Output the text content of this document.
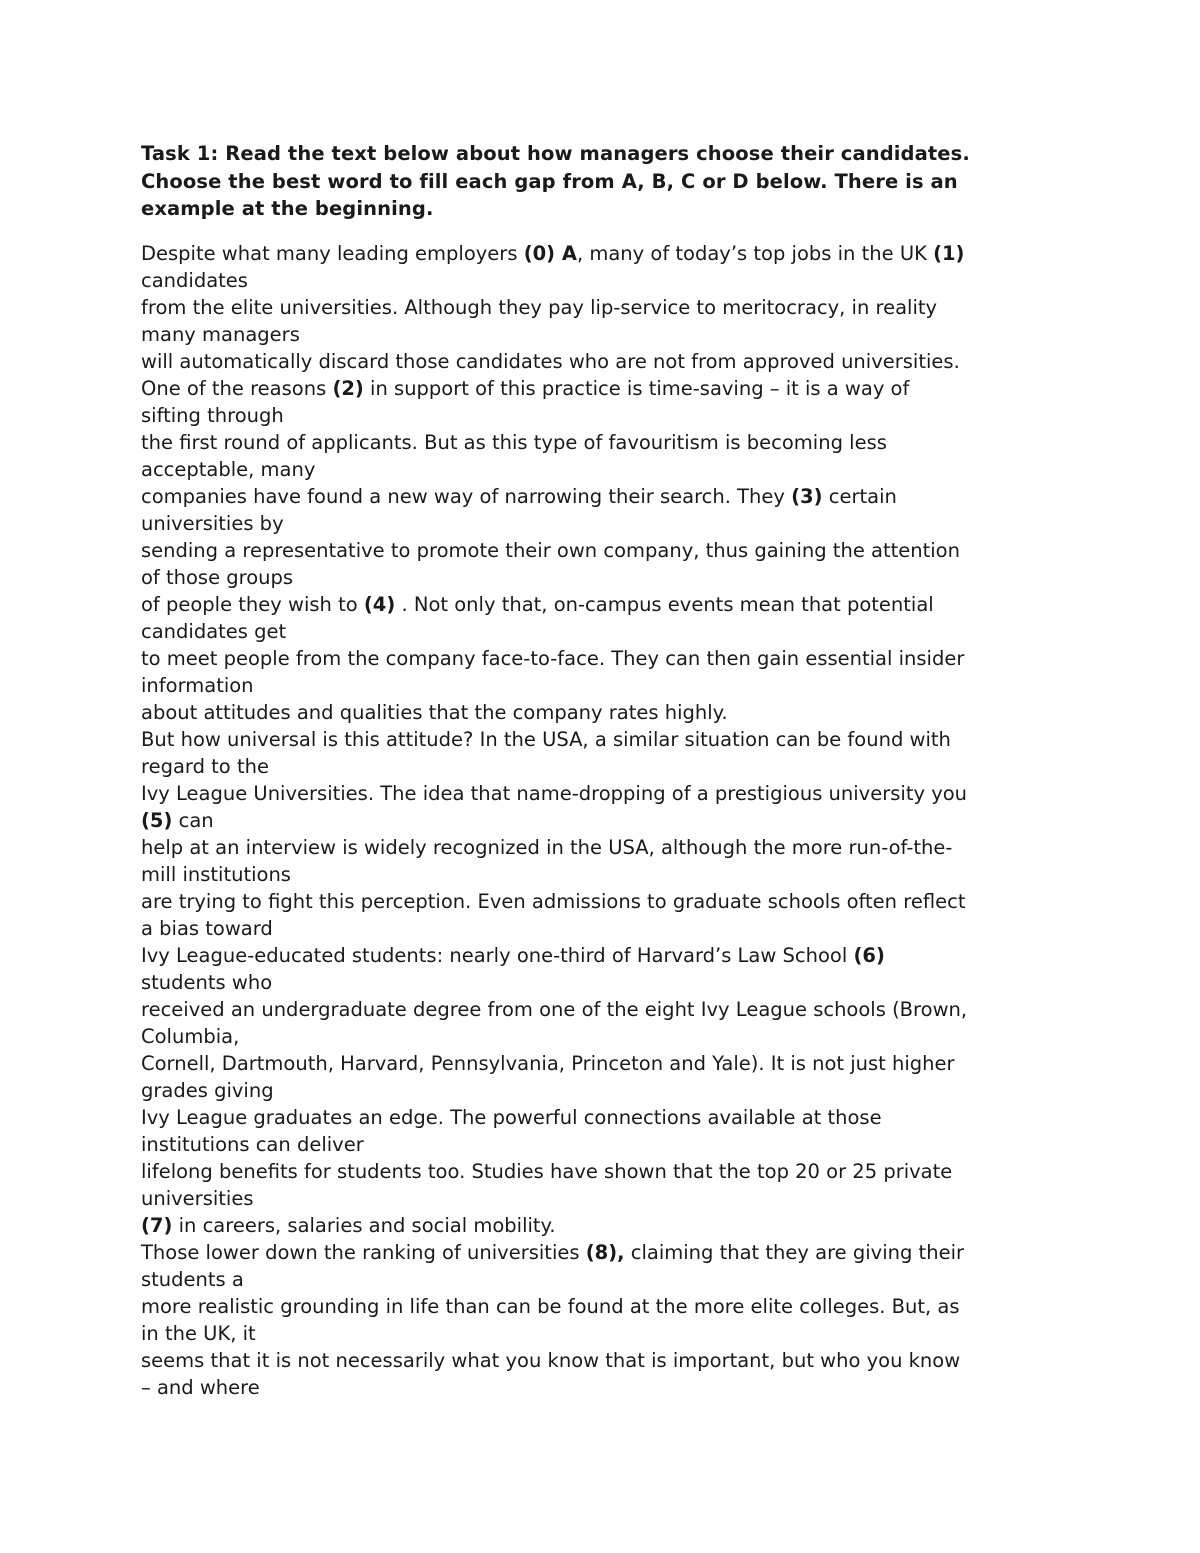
Task 1: Read the text below about how managers choose their candidates.
Choose the best word to fill each gap from A, B, C or D below. There is an
example at the beginning.
Despite what many leading employers (0) A, many of today’s top jobs in the UK (1)
candidates
from the elite universities. Although they pay lip-service to meritocracy, in reality
many managers
will automatically discard those candidates who are not from approved universities.
One of the reasons (2) in support of this practice is time-saving – it is a way of
sifting through
the first round of applicants. But as this type of favouritism is becoming less
acceptable, many
companies have found a new way of narrowing their search. They (3) certain
universities by
sending a representative to promote their own company, thus gaining the attention
of those groups
of people they wish to (4) . Not only that, on-campus events mean that potential
candidates get
to meet people from the company face-to-face. They can then gain essential insider
information
about attitudes and qualities that the company rates highly.
But how universal is this attitude? In the USA, a similar situation can be found with
regard to the
Ivy League Universities. The idea that name-dropping of a prestigious university you
(5) can
help at an interview is widely recognized in the USA, although the more run-of-the-
mill institutions
are trying to fight this perception. Even admissions to graduate schools often reflect
a bias toward
Ivy League-educated students: nearly one-third of Harvard’s Law School (6)
students who
received an undergraduate degree from one of the eight Ivy League schools (Brown,
Columbia,
Cornell, Dartmouth, Harvard, Pennsylvania, Princeton and Yale). It is not just higher
grades giving
Ivy League graduates an edge. The powerful connections available at those
institutions can deliver
lifelong benefits for students too. Studies have shown that the top 20 or 25 private
universities
(7) in careers, salaries and social mobility.
Those lower down the ranking of universities (8), claiming that they are giving their
students a
more realistic grounding in life than can be found at the more elite colleges. But, as
in the UK, it
seems that it is not necessarily what you know that is important, but who you know
– and where
